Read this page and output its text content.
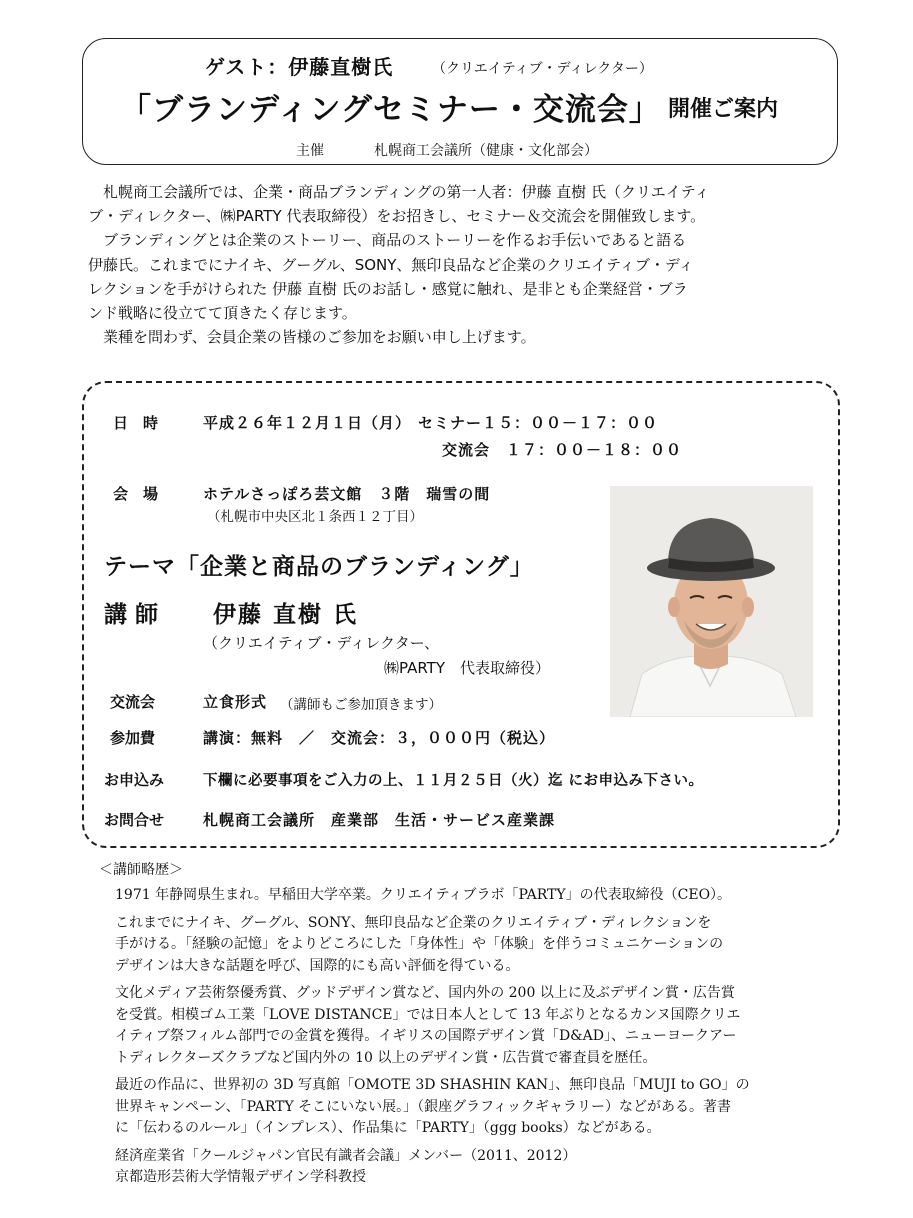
ゲスト：伊藤直樹氏	（クリエイティブ・ディレクター）
「ブランディングセミナー・交流会」 開催ご案内
主催	札幌商工会議所（健康・文化部会）

　札幌商工会議所では、企業・商品ブランディングの第一人者：伊藤 直樹 氏（クリエイティ

ブ・ディレクター、㈱PARTY 代表取締役）をお招きし、セミナー＆交流会を開催致します。

　ブランディングとは企業のストーリー、商品のストーリーを作るお手伝いであると語る

伊藤氏。これまでにナイキ、グーグル、SONY、無印良品など企業のクリエイティブ・ディ

レクションを手がけられた 伊藤 直樹 氏のお話し・感覚に触れ、是非とも企業経営・ブラ

ンド戦略に役立てて頂きたく存じます。

　業種を問わず、会員企業の皆様のご参加をお願い申し上げます。

日　時	平成２６年１２月１日（月） セミナー１５：００－１７：００
交流会　１７：００－１８：００
会　場	ホテルさっぽろ芸文館　３階　瑞雪の間
（札幌市中央区北１条西１２丁目）
テーマ「企業と商品のブランディング」
講師 伊藤 直樹 氏
（クリエイティブ・ディレクター、
㈱PARTY　代表取締役）
交流会	立食形式 （講師もご参加頂きます）
参加費	講演：無料　／　交流会：３，０００円（税込）
お申込み	下欄に必要事項をご入力の上、１１月２５日（火）迄 にお申込み下さい。
お問合せ	札幌商工会議所　産業部　生活・サービス産業課
＜講師略歴＞

1971 年静岡県生まれ。早稲田大学卒業。クリエイティブラボ「PARTY」の代表取締役（CEO）。

これまでにナイキ、グーグル、SONY、無印良品など企業のクリエイティブ・ディレクションを
手がける。「経験の記憶」をよりどころにした「身体性」や「体験」を伴うコミュニケーションの
デザインは大きな話題を呼び、国際的にも高い評価を得ている。

文化メディア芸術祭優秀賞、グッドデザイン賞など、国内外の 200 以上に及ぶデザイン賞・広告賞
を受賞。相模ゴム工業「LOVE DISTANCE」では日本人として 13 年ぶりとなるカンヌ国際クリエ
イティブ祭フィルム部門での金賞を獲得。イギリスの国際デザイン賞「D&AD」、ニューヨークアー
トディレクターズクラブなど国内外の 10 以上のデザイン賞・広告賞で審査員を歴任。

最近の作品に、世界初の 3D 写真館「OMOTE 3D SHASHIN KAN」、無印良品「MUJI to GO」の
世界キャンペーン、「PARTY そこにいない展。」（銀座グラフィックギャラリー）などがある。著書
に「伝わるのルール」（インプレス）、作品集に「PARTY」（ggg books）などがある。

経済産業省「クールジャパン官民有識者会議」メンバー（2011、2012）
京都造形芸術大学情報デザイン学科教授
